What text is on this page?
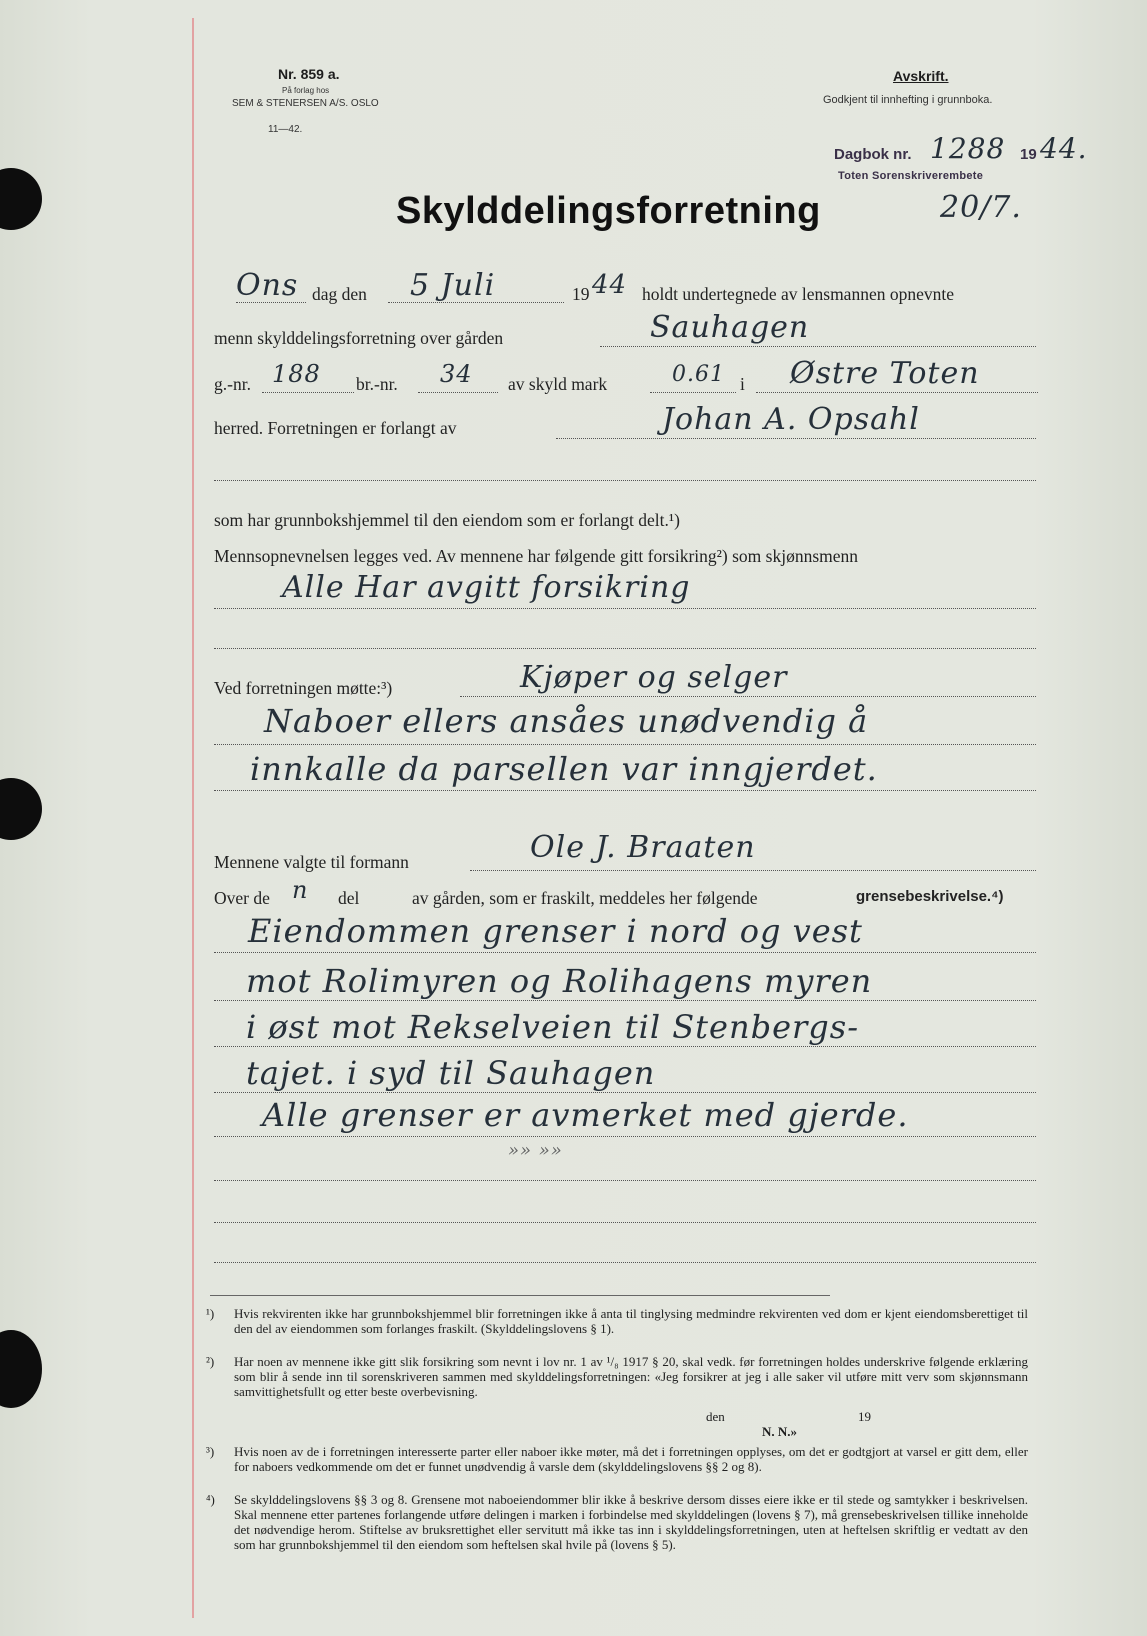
Nr. 859 a.
På forlag hos
SEM & STENERSEN A/S. OSLO
11—42.
Avskrift.
Godkjent til innhefting i grunnboka.
Dagbok nr. 1288 19 44.
Toten Sorenskriverembete
20/7.
Skylddelingsforretning
Ons dag den 5 Juli	19 44 holdt undertegnede av lensmannen opnevnte
menn skylddelingsforretning over gården	Sauhagen
g.-nr. 188 br.-nr. 34 av skyld mark	0.61 i Østre Toten
herred. Forretningen er forlangt av	Johan A. Opsahl
som har grunnbokshjemmel til den eiendom som er forlangt delt.¹)
Mennsopnevnelsen legges ved. Av mennene har følgende gitt forsikring²) som skjønnsmenn
Alle Har avgitt forsikring
Ved forretningen møtte:³)	Kjøper og selger
Naboer ellers ansåes unødvendig å
innkalle da parsellen var inngjerdet.
Mennene valgte til formann	Ole J. Braaten
Over de n del	av gården, som er fraskilt, meddeles her følgende	grensebeskrivelse.⁴)
Eiendommen grenser i nord og vest
mot Rolimyren og Rolihagens myren
i øst mot Rekselveien til Stenbergs-
tajet. i syd til Sauhagen
Alle grenser er avmerket med gjerde.
»» »»
¹) Hvis rekvirenten ikke har grunnbokshjemmel blir forretningen ikke å anta til tinglysing medmindre rekvirenten ved dom er kjent eiendomsberettiget til den del av eiendommen som forlanges fraskilt. (Skylddelingslovens § 1).
²) Har noen av mennene ikke gitt slik forsikring som nevnt i lov nr. 1 av ¹/₈ 1917 § 20, skal vedk. før forretningen holdes underskrive følgende erklæring som blir å sende inn til sorenskriveren sammen med skylddelingsforretningen: «Jeg forsikrer at jeg i alle saker vil utføre mitt verv som skjønnsmann samvittighetsfullt og etter beste overbevisning.
den	19
N. N.»
³) Hvis noen av de i forretningen interesserte parter eller naboer ikke møter, må det i forretningen opplyses, om det er godtgjort at varsel er gitt dem, eller for naboers vedkommende om det er funnet unødvendig å varsle dem (skylddelingslovens §§ 2 og 8).
⁴) Se skylddelingslovens §§ 3 og 8. Grensene mot naboeiendommer blir ikke å beskrive dersom disses eiere ikke er til stede og samtykker i beskrivelsen. Skal mennene etter partenes forlangende utføre delingen i marken i forbindelse med skylddelingen (lovens § 7), må grensebeskrivelsen tillike inneholde det nødvendige herom. Stiftelse av bruksrettighet eller servitutt må ikke tas inn i skylddelingsforretningen, uten at heftelsen skriftlig er vedtatt av den som har grunnbokshjemmel til den eiendom som heftelsen skal hvile på (lovens § 5).
